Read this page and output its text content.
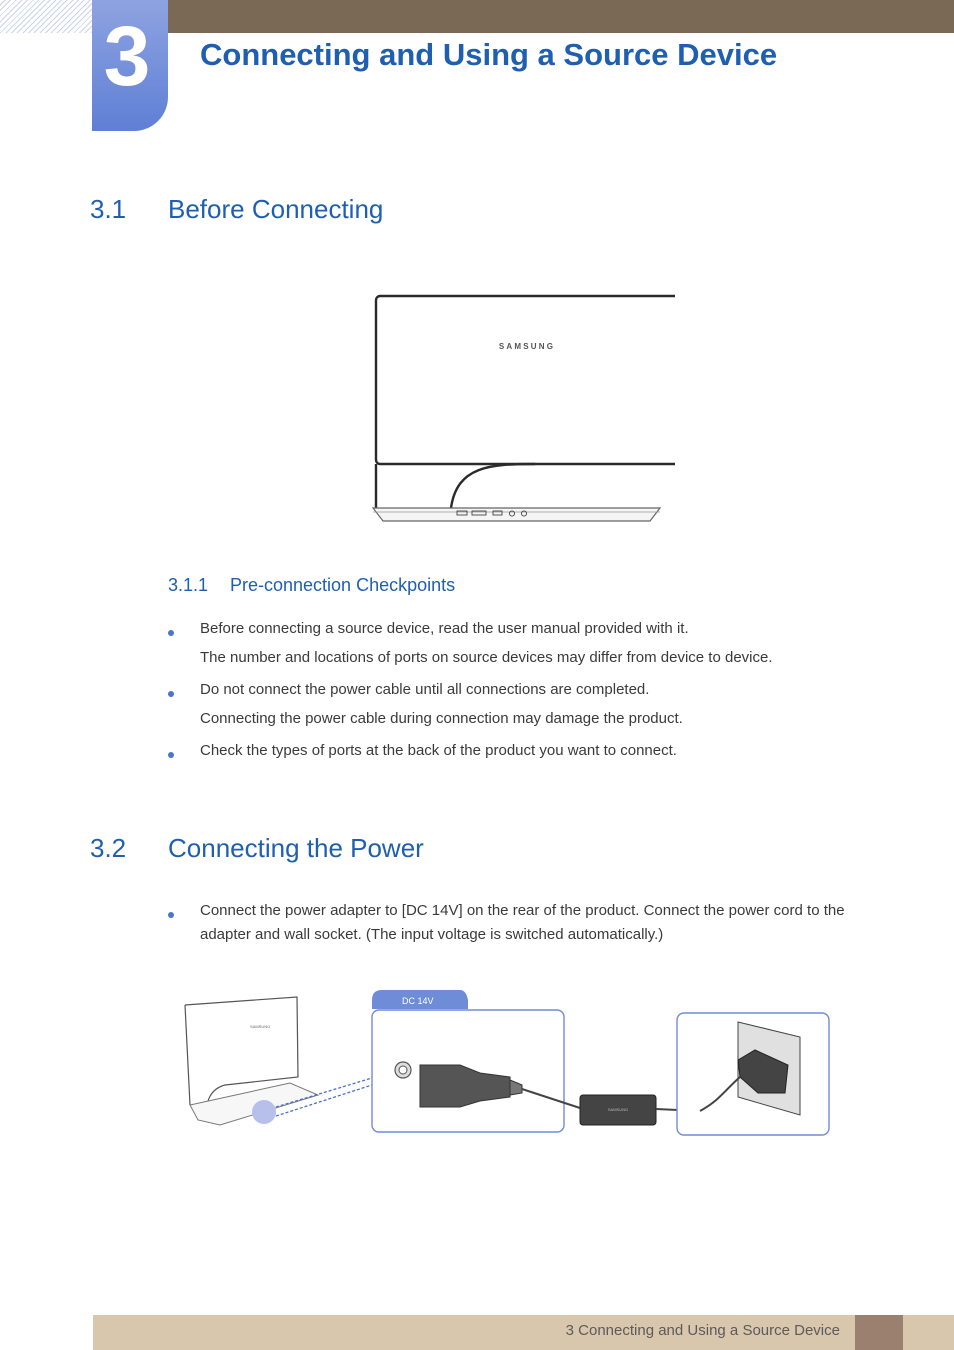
3	Connecting and Using a Source Device
3.1 Before Connecting
SAMSUNG
3.1.1 Pre-connection Checkpoints
Before connecting a source device, read the user manual provided with it.
The number and locations of ports on source devices may differ from device to device.
Do not connect the power cable until all connections are completed.
Connecting the power cable during connection may damage the product.
Check the types of ports at the back of the product you want to connect.
3.2 Connecting the Power
Connect the power adapter to [DC 14V] on the rear of the product. Connect the power cord to the
adapter and wall socket. (The input voltage is switched automatically.)
SAMSUNG
DC 14V
SAMSUNG
3 Connecting and Using a Source Device
